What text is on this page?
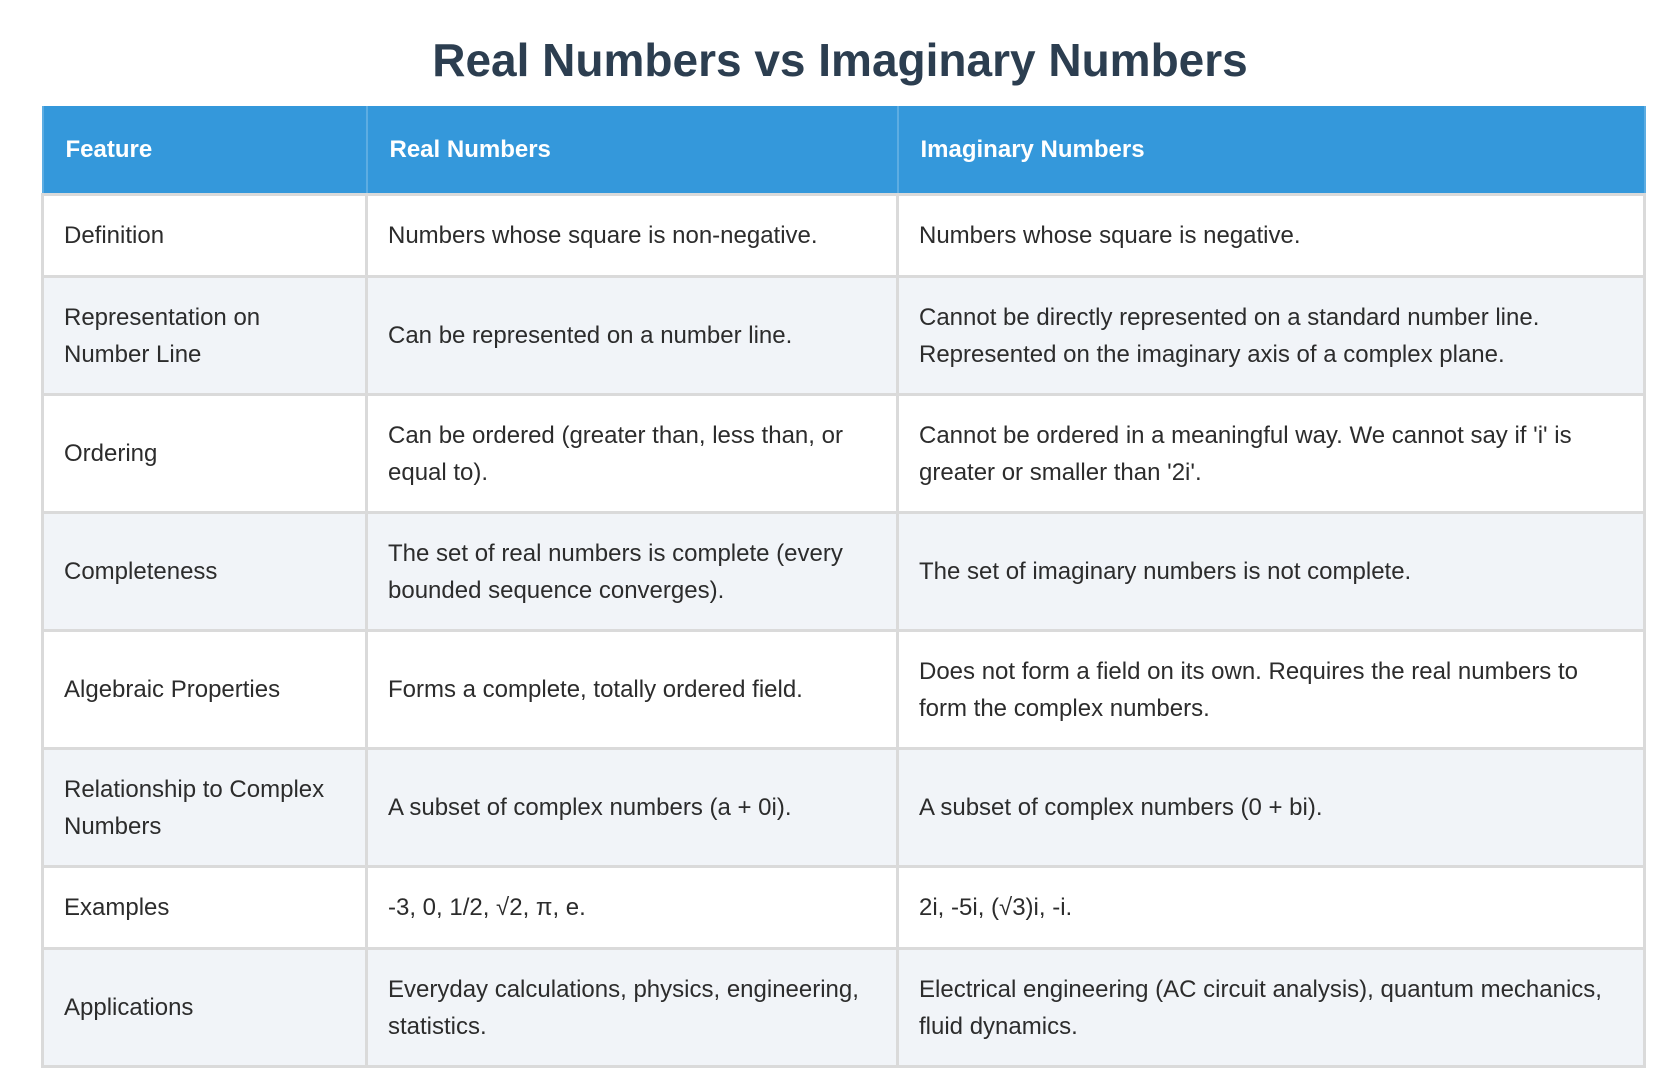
Real Numbers vs Imaginary Numbers
Feature	Real Numbers	Imaginary Numbers
Definition	Numbers whose square is non-negative.	Numbers whose square is negative.
Representation on Number Line	Can be represented on a number line.	Cannot be directly represented on a standard number line. Represented on the imaginary axis of a complex plane.
Ordering	Can be ordered (greater than, less than, or equal to).	Cannot be ordered in a meaningful way. We cannot say if 'i' is greater or smaller than '2i'.
Completeness	The set of real numbers is complete (every bounded sequence converges).	The set of imaginary numbers is not complete.
Algebraic Properties	Forms a complete, totally ordered field.	Does not form a field on its own. Requires the real numbers to form the complex numbers.
Relationship to Complex Numbers	A subset of complex numbers (a + 0i).	A subset of complex numbers (0 + bi).
Examples	-3, 0, 1/2, √2, π, e.	2i, -5i, (√3)i, -i.
Applications	Everyday calculations, physics, engineering, statistics.	Electrical engineering (AC circuit analysis), quantum mechanics, fluid dynamics.
